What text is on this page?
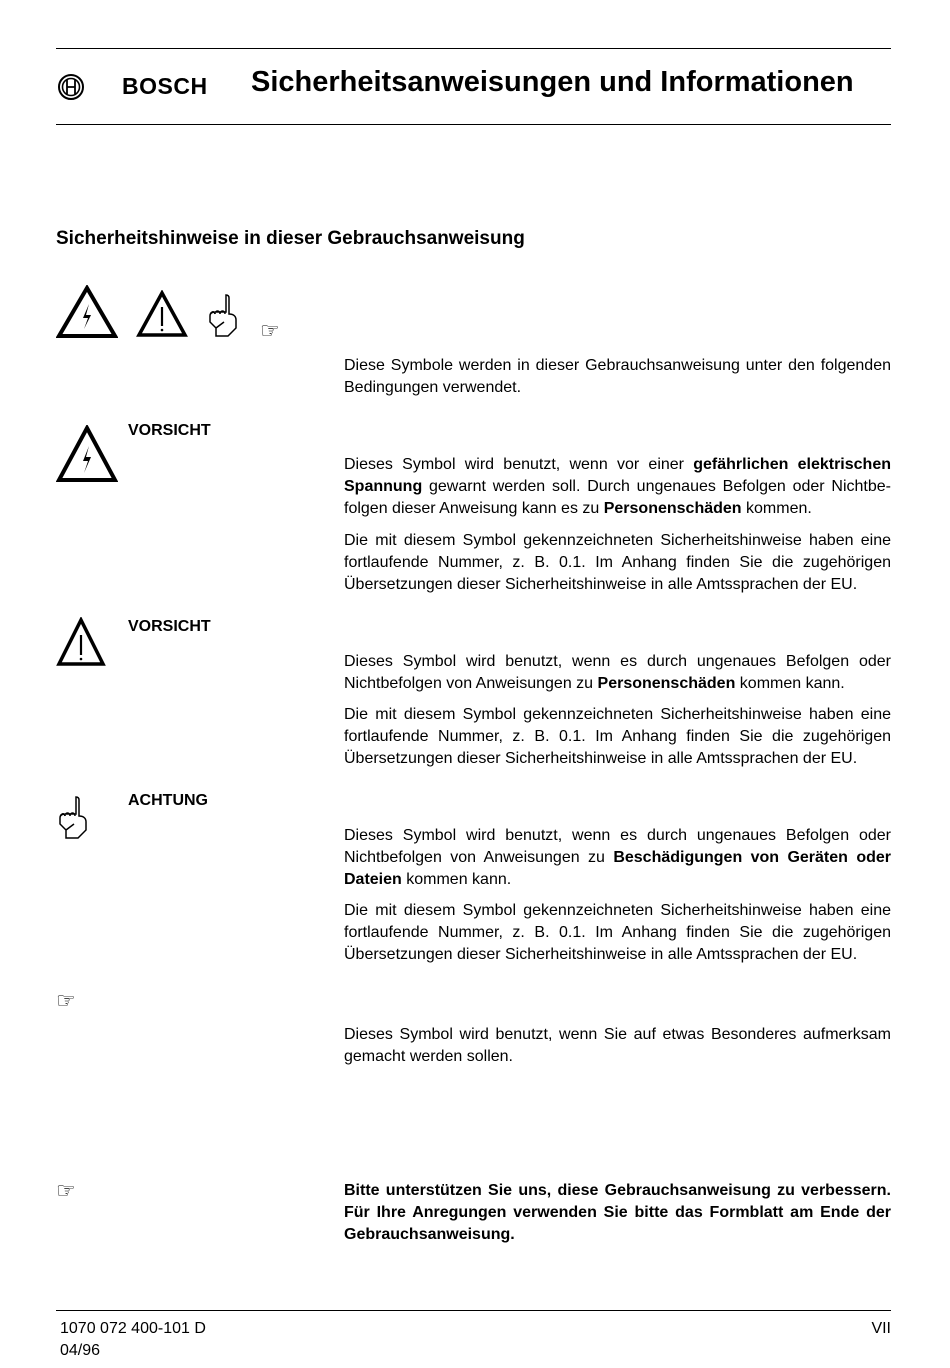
BOSCH Sicherheitsanweisungen und Informationen
Sicherheitshinweise in dieser Gebrauchsanweisung
☞
Diese Symbole werden in dieser Gebrauchsanweisung unter den folgenden Bedingungen verwendet.
VORSICHT
Dieses Symbol wird benutzt, wenn vor einer gefährlichen elektrischen Spannung gewarnt werden soll. Durch ungenaues Befolgen oder Nichtbefolgen dieser Anweisung kann es zu Personenschäden kommen.
Die mit diesem Symbol gekennzeichneten Sicherheitshinweise haben eine fortlaufende Nummer, z. B. 0.1. Im Anhang finden Sie die zugehörigen Übersetzungen dieser Sicherheitshinweise in alle Amtssprachen der EU.
VORSICHT
Dieses Symbol wird benutzt, wenn es durch ungenaues Befolgen oder Nichtbefolgen von Anweisungen zu Personenschäden kommen kann.
Die mit diesem Symbol gekennzeichneten Sicherheitshinweise haben eine fortlaufende Nummer, z. B. 0.1. Im Anhang finden Sie die zugehörigen Übersetzungen dieser Sicherheitshinweise in alle Amtssprachen der EU.
ACHTUNG
Dieses Symbol wird benutzt, wenn es durch ungenaues Befolgen oder Nichtbefolgen von Anweisungen zu Beschädigungen von Geräten oder Dateien kommen kann.
Die mit diesem Symbol gekennzeichneten Sicherheitshinweise haben eine fortlaufende Nummer, z. B. 0.1. Im Anhang finden Sie die zugehörigen Übersetzungen dieser Sicherheitshinweise in alle Amtssprachen der EU.
☞
Dieses Symbol wird benutzt, wenn Sie auf etwas Besonderes aufmerksam gemacht werden sollen.
☞	Bitte unterstützen Sie uns, diese Gebrauchsanweisung zu verbessern. Für Ihre Anregungen verwenden Sie bitte das Formblatt am Ende der Gebrauchsanweisung.
1070 072 400-101 D
04/96
VII
